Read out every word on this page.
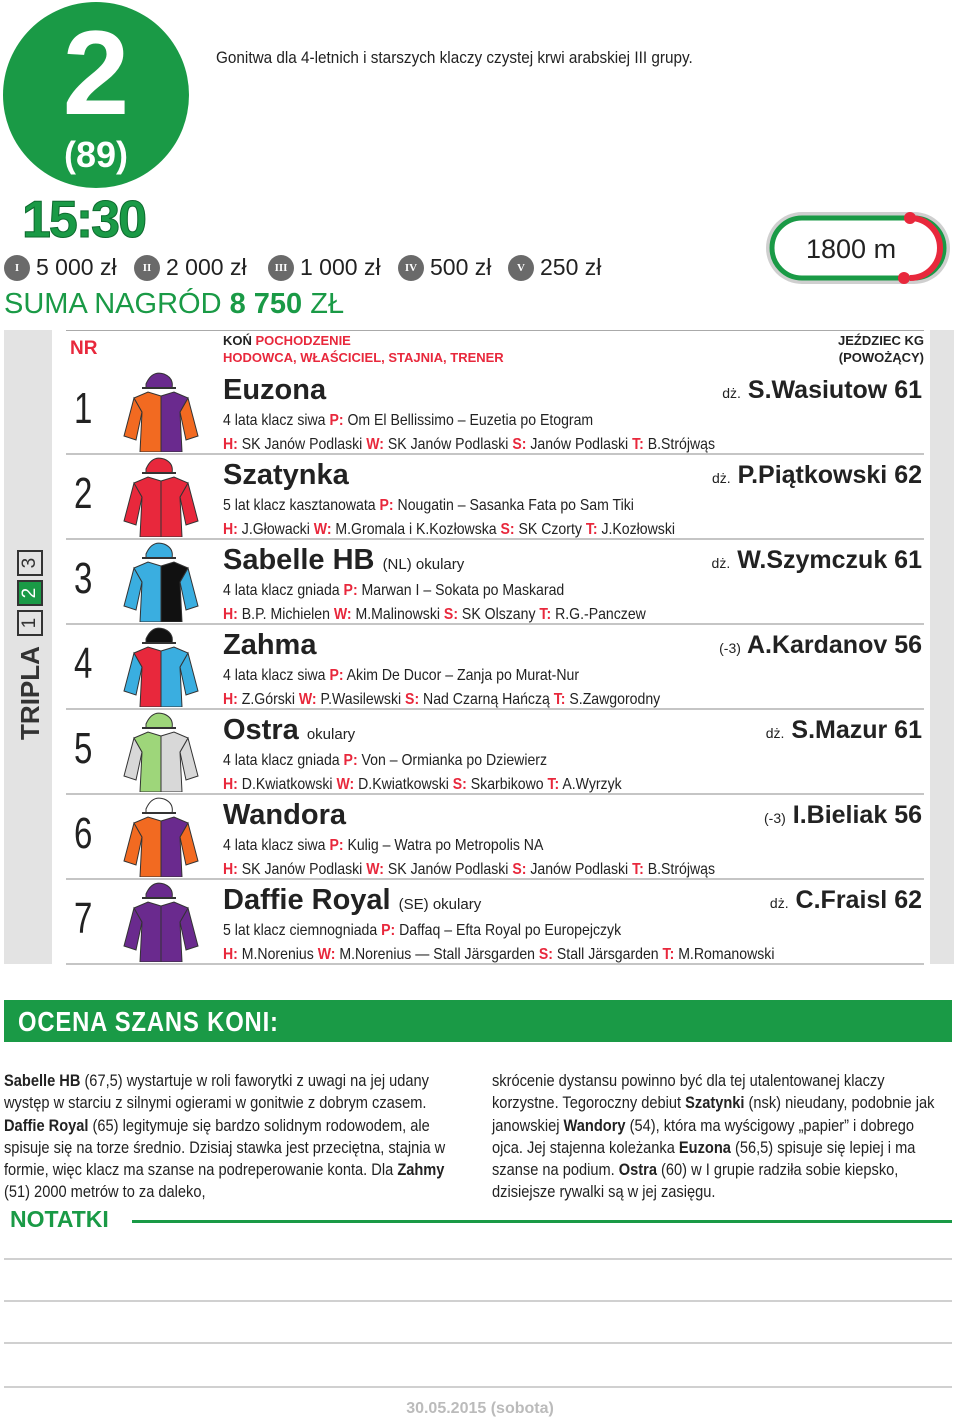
2
(89)
15:30
Gonitwa dla 4-letnich i starszych klaczy czystej krwi arabskiej III grupy.
I 5 000 zł	II 2 000 zł	III 1 000 zł	IV 500 zł	V 250 zł
SUMA NAGRÓD 8 750 ZŁ
1800 m
TRIPLA
1
2
3
NR	KOŃ POCHODZENIE
HODOWCA, WŁAŚCICIEL, STAJNIA, TRENER
JEŹDZIEC KG
(POWOŻĄCY)
1	Euzona	dż. S.Wasiutow 61
4 lata klacz siwa P: Om El Bellissimo – Euzetia po Etogram
H: SK Janów Podlaski W: SK Janów Podlaski S: Janów Podlaski T: B.Strójwąs
2	Szatynka	dż. P.Piątkowski 62
5 lat klacz kasztanowata P: Nougatin – Sasanka Fata po Sam Tiki
H: J.Głowacki W: M.Gromala i K.Kozłowska S: SK Czorty T: J.Kozłowski
3	Sabelle HB (NL) okulary	dż. W.Szymczuk 61
4 lata klacz gniada P: Marwan I – Sokata po Maskarad
H: B.P. Michielen W: M.Malinowski S: SK Olszany T: R.G.-Panczew
4	Zahma	(-3) A.Kardanov 56
4 lata klacz siwa P: Akim De Ducor – Zanja po Murat-Nur
H: Z.Górski W: P.Wasilewski S: Nad Czarną Hańczą T: S.Zawgorodny
5	Ostra okulary	dż. S.Mazur 61
4 lata klacz gniada P: Von – Ormianka po Dziewierz
H: D.Kwiatkowski W: D.Kwiatkowski S: Skarbikowo T: A.Wyrzyk
6	Wandora	(-3) I.Bieliak 56
4 lata klacz siwa P: Kulig – Watra po Metropolis NA
H: SK Janów Podlaski W: SK Janów Podlaski S: Janów Podlaski T: B.Strójwąs
7	Daffie Royal (SE) okulary	dż. C.Fraisl 62
5 lat klacz ciemnogniada P: Daffaq – Efta Royal po Europejczyk
H: M.Norenius W: M.Norenius — Stall Järsgarden S: Stall Järsgarden T: M.Romanowski
OCENA SZANS KONI:
Sabelle HB (67,5) wystartuje w roli faworytki z uwagi na jej udany występ w starciu z silnymi ogierami w gonitwie z dobrym czasem. Daffie Royal (65) legitymuje się bardzo solidnym rodowodem, ale spisuje się na torze średnio. Dzisiaj stawka jest przeciętna, stajnia w formie, więc klacz ma szanse na podreperowanie konta. Dla Zahmy (51) 2000 metrów to za daleko,
skrócenie dystansu powinno być dla tej utalentowanej klaczy korzystne. Tegoroczny debiut Szatynki (nsk) nieudany, podobnie jak janowskiej Wandory (54), która ma wyścigowy „papier” i dobrego ojca. Jej stajenna koleżanka Euzona (56,5) spisuje się lepiej i ma szanse na podium. Ostra (60) w I grupie radziła sobie kiepsko, dzisiejsze rywalki są w jej zasięgu.
NOTATKI
30.05.2015 (sobota)
